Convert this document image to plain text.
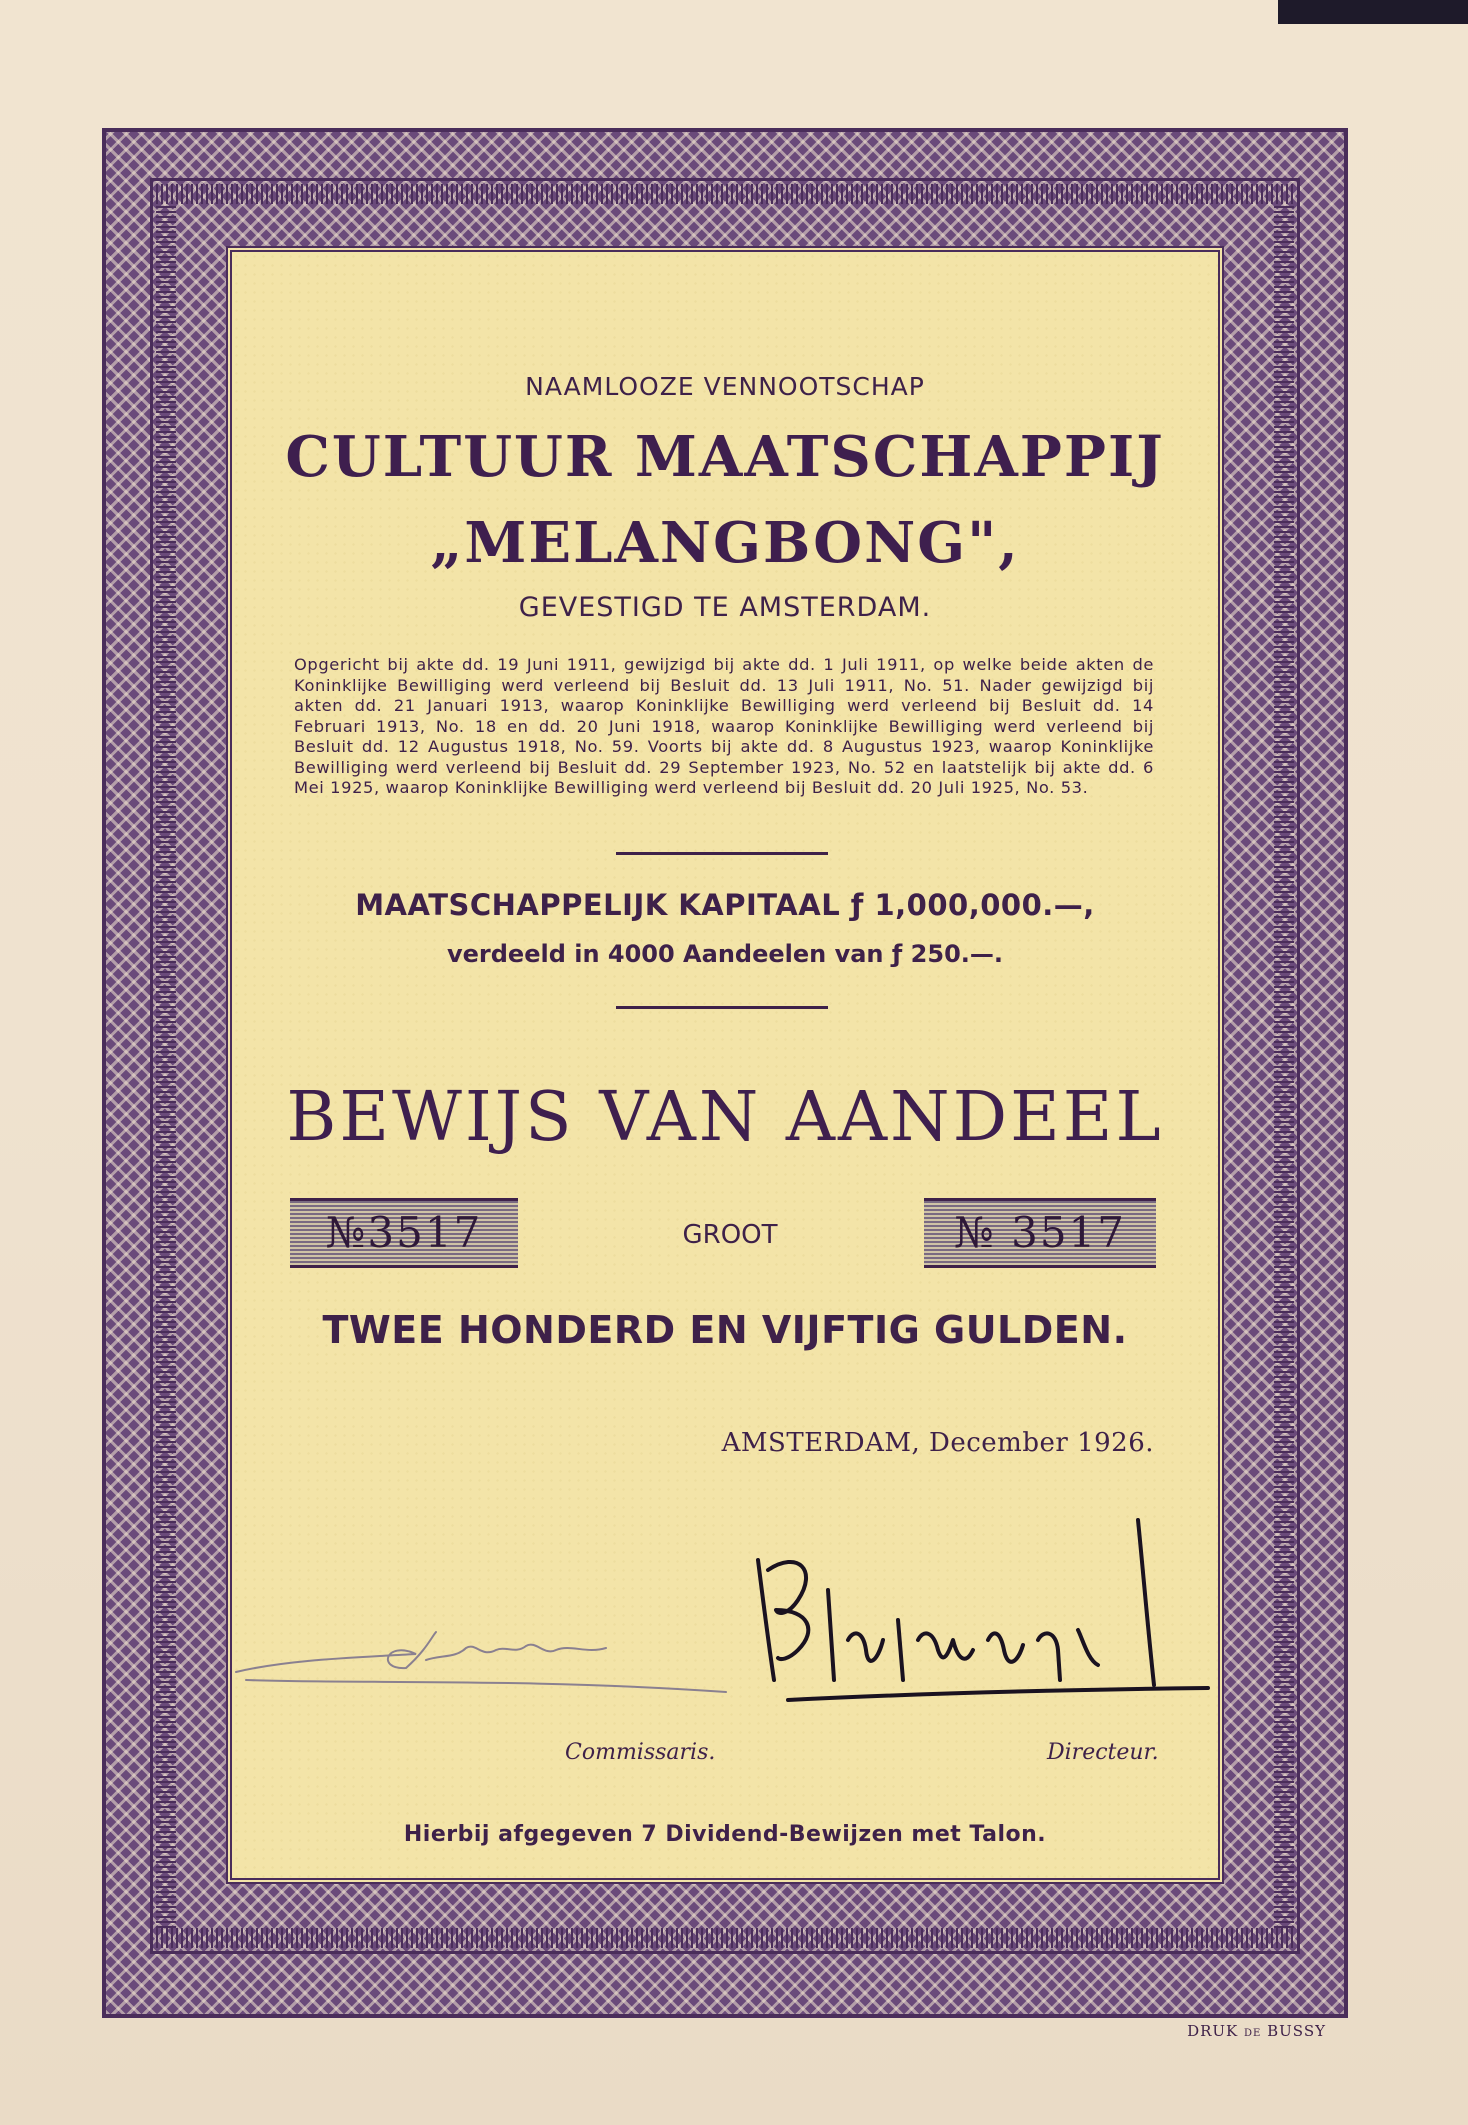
NAAMLOOZE VENNOOTSCHAP
CULTUUR MAATSCHAPPIJ
„MELANGBONG",
GEVESTIGD TE AMSTERDAM.

Opgericht bij akte dd. 19 Juni 1911, gewijzigd bij akte dd. 1 Juli 1911, op welke beide akten de Koninklijke Bewilliging werd verleend bij Besluit dd. 13 Juli 1911, No. 51. Nader gewijzigd bij akten dd. 21 Januari 1913, waarop Koninklijke Bewilliging werd verleend bij Besluit dd. 14 Februari 1913, No. 18 en dd. 20 Juni 1918, waarop Koninklijke Bewilliging werd verleend bij Besluit dd. 12 Augustus 1918, No. 59. Voorts bij akte dd. 8 Augustus 1923, waarop Koninklijke Bewilliging werd verleend bij Besluit dd. 29 September 1923, No. 52 en laatstelijk bij akte dd. 6 Mei 1925, waarop Koninklijke Bewilliging werd verleend bij Besluit dd. 20 Juli 1925, No. 53.

MAATSCHAPPELIJK KAPITAAL ƒ 1,000,000.—,
verdeeld in 4000 Aandeelen van ƒ 250.—.
BEWIJS VAN AANDEEL
№3517	GROOT	№ 3517
TWEE HONDERD EN VIJFTIG GULDEN.
AMSTERDAM, December 1926.
Commissaris.	Directeur.
Hierbij afgegeven 7 Dividend-Bewijzen met Talon.
DRUK DE BUSSY
